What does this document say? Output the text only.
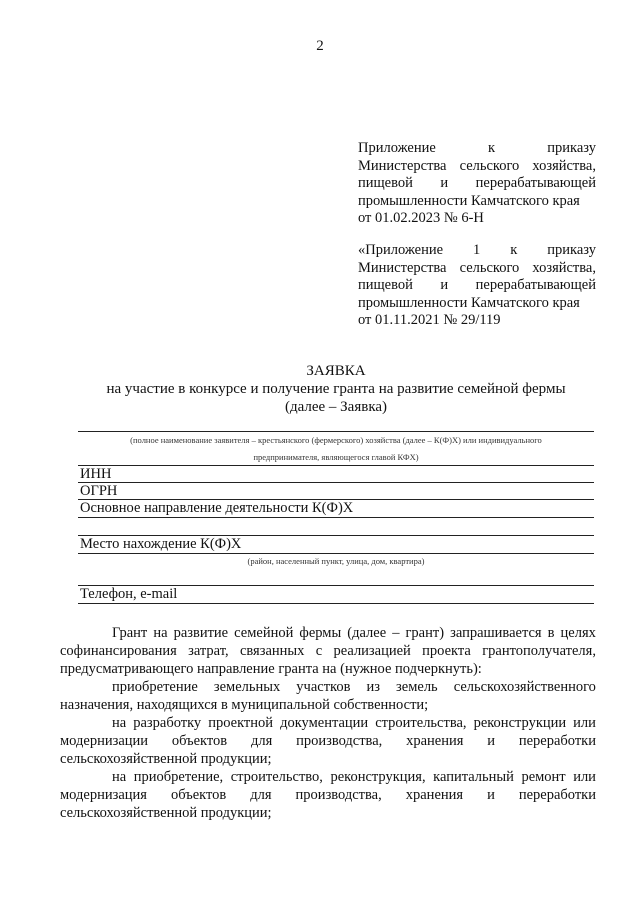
2
Приложение	к	приказу
Министерства сельского хозяйства,
пищевой и перерабатывающей
промышленности Камчатского края
от 01.02.2023 № 6-Н
«Приложение 1 к приказу
Министерства сельского хозяйства,
пищевой и перерабатывающей
промышленности Камчатского края
от 01.11.2021 № 29/119
ЗАЯВКА
на участие в конкурсе и получение гранта на развитие семейной фермы
(далее – Заявка)
(полное наименование заявителя – крестьянского (фермерского) хозяйства (далее – К(Ф)Х) или индивидуального
предпринимателя, являющегося главой КФХ)
ИНН
ОГРН
Основное направление деятельности К(Ф)Х
Место нахождение К(Ф)Х
(район, населенный пункт, улица, дом, квартира)
Телефон, e-mail
Грант на развитие семейной фермы (далее – грант) запрашивается в целях
софинансирования затрат, связанных с реализацией проекта грантополучателя,
предусматривающего направление гранта на (нужное подчеркнуть):
приобретение земельных участков из земель сельскохозяйственного
назначения, находящихся в муниципальной собственности;
на разработку проектной документации строительства, реконструкции или
модернизации объектов для производства, хранения и переработки
сельскохозяйственной продукции;
на приобретение, строительство, реконструкция, капитальный ремонт или
модернизация объектов для производства, хранения и переработки
сельскохозяйственной продукции;
